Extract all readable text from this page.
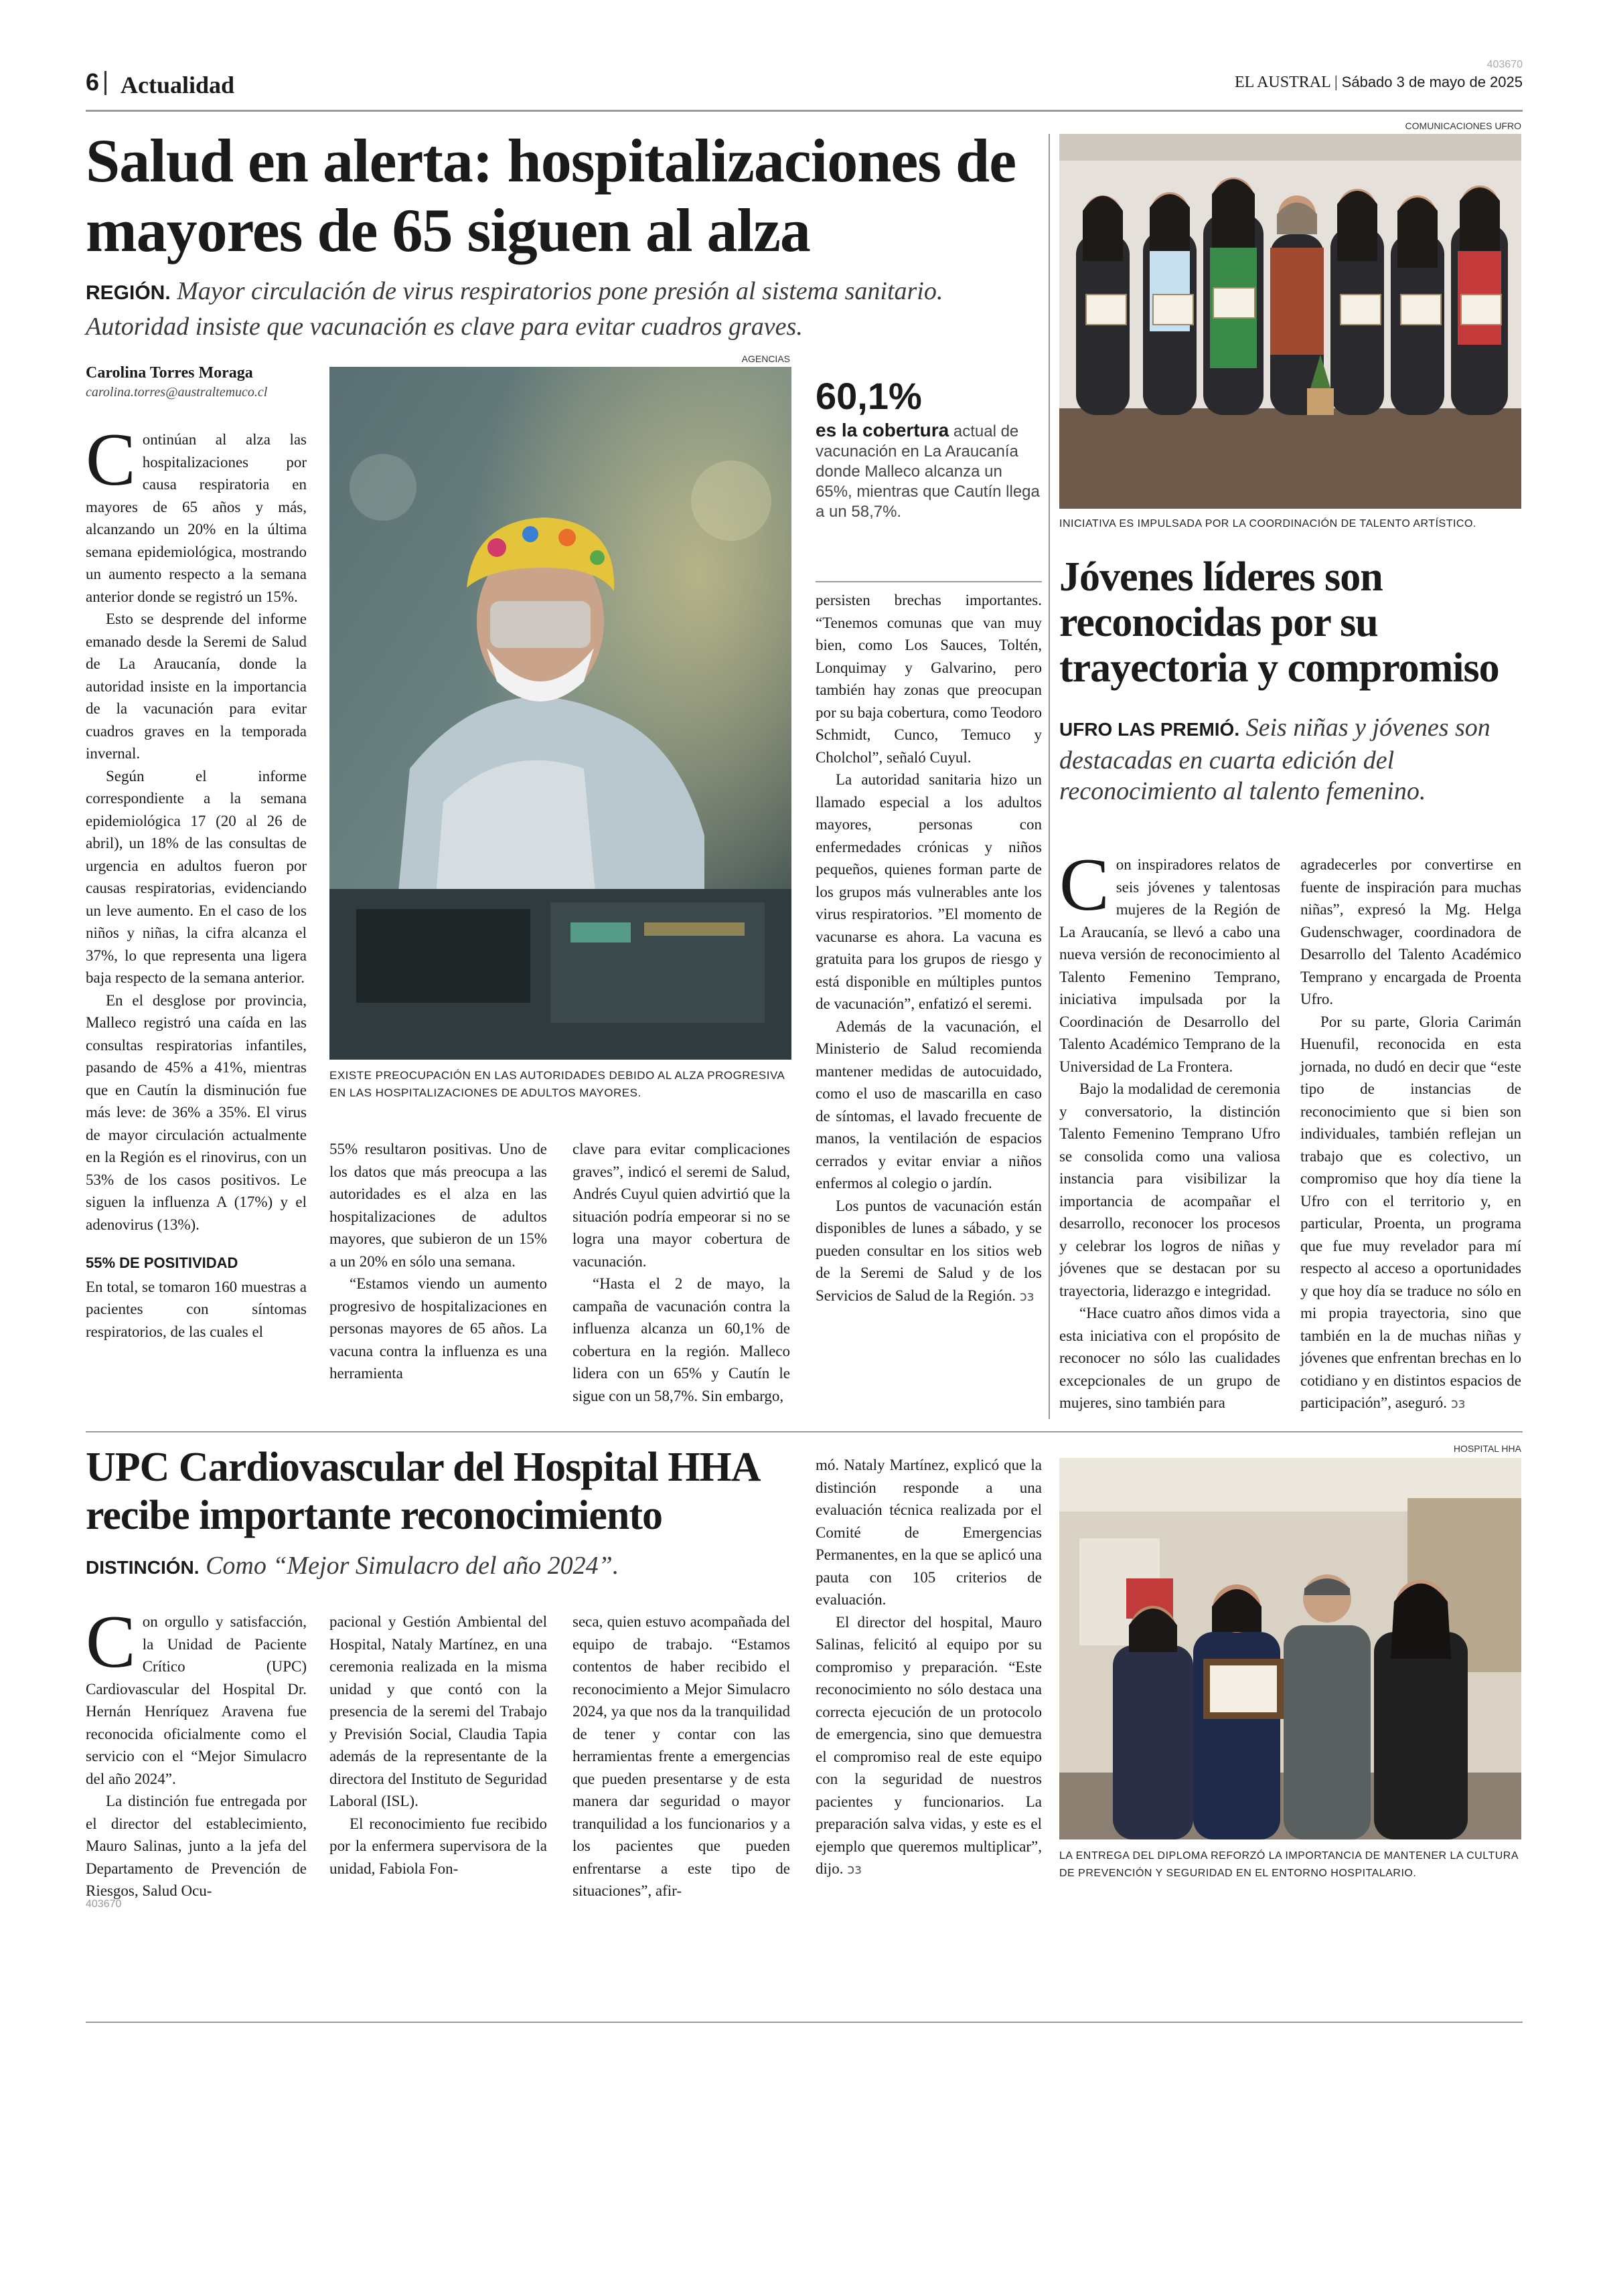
6 Actualidad
403670
EL AUSTRAL | Sábado 3 de mayo de 2025
Salud en alerta: hospitalizaciones de mayores de 65 siguen al alza
REGIÓN. Mayor circulación de virus respiratorios pone presión al sistema sanitario. Autoridad insiste que vacunación es clave para evitar cuadros graves.
Carolina Torres Moraga
carolina.torres@australtemuco.cl
AGENCIAS
EXISTE PREOCUPACIÓN EN LAS AUTORIDADES DEBIDO AL ALZA PROGRESIVA EN LAS HOSPITALIZACIONES DE ADULTOS MAYORES.
60,1%
es la cobertura actual de vacunación en La Araucanía donde Malleco alcanza un 65%, mientras que Cautín llega a un 58,7%.

Continúan al alza las hospitalizaciones por causa respiratoria en mayores de 65 años y más, alcanzando un 20% en la última semana epidemiológica, mostrando un aumento respecto a la semana anterior donde se registró un 15%.

Esto se desprende del informe emanado desde la Seremi de Salud de La Araucanía, donde la autoridad insiste en la importancia de la vacunación para evitar cuadros graves en la temporada invernal.

Según el informe correspondiente a la semana epidemiológica 17 (20 al 26 de abril), un 18% de las consultas de urgencia en adultos fueron por causas respiratorias, evidenciando un leve aumento. En el caso de los niños y niñas, la cifra alcanza el 37%, lo que representa una ligera baja respecto de la semana anterior.

En el desglose por provincia, Malleco registró una caída en las consultas respiratorias infantiles, pasando de 45% a 41%, mientras que en Cautín la disminución fue más leve: de 36% a 35%. El virus de mayor circulación actualmente en la Región es el rinovirus, con un 53% de los casos positivos. Le siguen la influenza A (17%) y el adenovirus (13%).

55% DE POSITIVIDAD

En total, se tomaron 160 muestras a pacientes con síntomas respiratorios, de las cuales el

55% resultaron positivas. Uno de los datos que más preocupa a las autoridades es el alza en las hospitalizaciones de adultos mayores, que subieron de un 15% a un 20% en sólo una semana.

“Estamos viendo un aumento progresivo de hospitalizaciones en personas mayores de 65 años. La vacuna contra la influenza es una herramienta

clave para evitar complicaciones graves”, indicó el seremi de Salud, Andrés Cuyul quien advirtió que la situación podría empeorar si no se logra una mayor cobertura de vacunación.

“Hasta el 2 de mayo, la campaña de vacunación contra la influenza alcanza un 60,1% de cobertura en la región. Malleco lidera con un 65% y Cautín le sigue con un 58,7%. Sin embargo,

persisten brechas importantes. “Tenemos comunas que van muy bien, como Los Sauces, Toltén, Lonquimay y Galvarino, pero también hay zonas que preocupan por su baja cobertura, como Teodoro Schmidt, Cunco, Temuco y Cholchol”, señaló Cuyul.

La autoridad sanitaria hizo un llamado especial a los adultos mayores, personas con enfermedades crónicas y niños pequeños, quienes forman parte de los grupos más vulnerables ante los virus respiratorios. ”El momento de vacunarse es ahora. La vacuna es gratuita para los grupos de riesgo y está disponible en múltiples puntos de vacunación”, enfatizó el seremi.

Además de la vacunación, el Ministerio de Salud recomienda mantener medidas de autocuidado, como el uso de mascarilla en caso de síntomas, el lavado frecuente de manos, la ventilación de espacios cerrados y evitar enviar a niños enfermos al colegio o jardín.

Los puntos de vacunación están disponibles de lunes a sábado, y se pueden consultar en los sitios web de la Seremi de Salud y de los Servicios de Salud de la Región. ↄз

COMUNICACIONES UFRO
INICIATIVA ES IMPULSADA POR LA COORDINACIÓN DE TALENTO ARTÍSTICO.
Jóvenes líderes son reconocidas por su trayectoria y compromiso
UFRO LAS PREMIÓ. Seis niñas y jóvenes son destacadas en cuarta edición del reconocimiento al talento femenino.

Con inspiradores relatos de seis jóvenes y talentosas mujeres de la Región de La Araucanía, se llevó a cabo una nueva versión de reconocimiento al Talento Femenino Temprano, iniciativa impulsada por la Coordinación de Desarrollo del Talento Académico Temprano de la Universidad de La Frontera.

Bajo la modalidad de ceremonia y conversatorio, la distinción Talento Femenino Temprano Ufro se consolida como una valiosa instancia para visibilizar la importancia de acompañar el desarrollo, reconocer los procesos y celebrar los logros de niñas y jóvenes que se destacan por su trayectoria, liderazgo e integridad.

“Hace cuatro años dimos vida a esta iniciativa con el propósito de reconocer no sólo las cualidades excepcionales de un grupo de mujeres, sino también para

agradecerles por convertirse en fuente de inspiración para muchas niñas”, expresó la Mg. Helga Gudenschwager, coordinadora de Desarrollo del Talento Académico Temprano y encargada de Proenta Ufro.

Por su parte, Gloria Carimán Huenufil, reconocida en esta jornada, no dudó en decir que “este tipo de instancias de reconocimiento que si bien son individuales, también reflejan un trabajo que es colectivo, un compromiso que hoy día tiene la Ufro con el territorio y, en particular, Proenta, un programa que fue muy revelador para mí respecto al acceso a oportunidades y que hoy día se traduce no sólo en mi propia trayectoria, sino que también en la de muchas niñas y jóvenes que enfrentan brechas en lo cotidiano y en distintos espacios de participación”, aseguró. ↄз

UPC Cardiovascular del Hospital HHA recibe importante reconocimiento
DISTINCIÓN. Como “Mejor Simulacro del año 2024”.

Con orgullo y satisfacción, la Unidad de Paciente Crítico (UPC) Cardiovascular del Hospital Dr. Hernán Henríquez Aravena fue reconocida oficialmente como el servicio con el “Mejor Simulacro del año 2024”.

La distinción fue entregada por el director del establecimiento, Mauro Salinas, junto a la jefa del Departamento de Prevención de Riesgos, Salud Ocu-

403670

pacional y Gestión Ambiental del Hospital, Nataly Martínez, en una ceremonia realizada en la misma unidad y que contó con la presencia de la seremi del Trabajo y Previsión Social, Claudia Tapia además de la representante de la directora del Instituto de Seguridad Laboral (ISL).

El reconocimiento fue recibido por la enfermera supervisora de la unidad, Fabiola Fon-

seca, quien estuvo acompañada del equipo de trabajo. “Estamos contentos de haber recibido el reconocimiento a Mejor Simulacro 2024, ya que nos da la tranquilidad de tener y contar con las herramientas frente a emergencias que pueden presentarse y de esta manera dar seguridad o mayor tranquilidad a los funcionarios y a los pacientes que pueden enfrentarse a este tipo de situaciones”, afir-

mó. Nataly Martínez, explicó que la distinción responde a una evaluación técnica realizada por el Comité de Emergencias Permanentes, en la que se aplicó una pauta con 105 criterios de evaluación.

El director del hospital, Mauro Salinas, felicitó al equipo por su compromiso y preparación. “Este reconocimiento no sólo destaca una correcta ejecución de un protocolo de emergencia, sino que demuestra el compromiso real de este equipo con la seguridad de nuestros pacientes y funcionarios. La preparación salva vidas, y este es el ejemplo que queremos multiplicar”, dijo. ↄз

HOSPITAL HHA
LA ENTREGA DEL DIPLOMA REFORZÓ LA IMPORTANCIA DE MANTENER LA CULTURA DE PREVENCIÓN Y SEGURIDAD EN EL ENTORNO HOSPITALARIO.
